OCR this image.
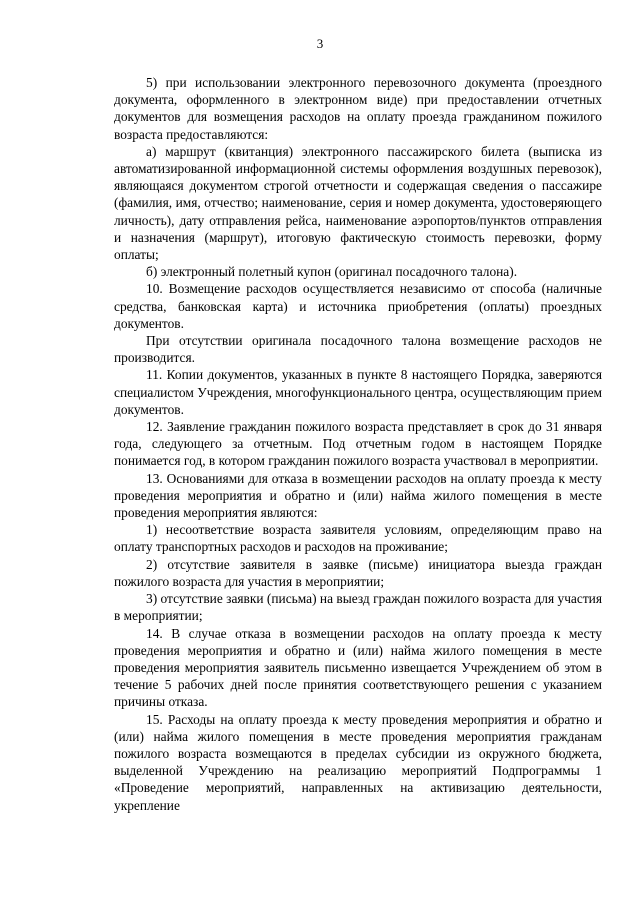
3

5) при использовании электронного перевозочного документа (проездного документа, оформленного в электронном виде) при предоставлении отчетных документов для возмещения расходов на оплату проезда гражданином пожилого возраста предоставляются:

а) маршрут (квитанция) электронного пассажирского билета (выписка из автоматизированной информационной системы оформления воздушных перевозок), являющаяся документом строгой отчетности и содержащая сведения о пассажире (фамилия, имя, отчество; наименование, серия и номер документа, удостоверяющего личность), дату отправления рейса, наименование аэропортов/пунктов отправления и назначения (маршрут), итоговую фактическую стоимость перевозки, форму оплаты;

б) электронный полетный купон (оригинал посадочного талона).

10. Возмещение расходов осуществляется независимо от способа (наличные средства, банковская карта) и источника приобретения (оплаты) проездных документов.

При отсутствии оригинала посадочного талона возмещение расходов не производится.

11. Копии документов, указанных в пункте 8 настоящего Порядка, заверяются специалистом Учреждения, многофункционального центра, осуществляющим прием документов.

12. Заявление гражданин пожилого возраста представляет в срок до 31 января года, следующего за отчетным. Под отчетным годом в настоящем Порядке понимается год, в котором гражданин пожилого возраста участвовал в мероприятии.

13. Основаниями для отказа в возмещении расходов на оплату проезда к месту проведения мероприятия и обратно и (или) найма жилого помещения в месте проведения мероприятия являются:

1) несоответствие возраста заявителя условиям, определяющим право на оплату транспортных расходов и расходов на проживание;

2) отсутствие заявителя в заявке (письме) инициатора выезда граждан пожилого возраста для участия в мероприятии;

3) отсутствие заявки (письма) на выезд граждан пожилого возраста для участия в мероприятии;

14. В случае отказа в возмещении расходов на оплату проезда к месту проведения мероприятия и обратно и (или) найма жилого помещения в месте проведения мероприятия заявитель письменно извещается Учреждением об этом в течение 5 рабочих дней после принятия соответствующего решения с указанием причины отказа.

15. Расходы на оплату проезда к месту проведения мероприятия и обратно и (или) найма жилого помещения в месте проведения мероприятия гражданам пожилого возраста возмещаются в пределах субсидии из окружного бюджета, выделенной Учреждению на реализацию мероприятий Подпрограммы 1 «Проведение мероприятий, направленных на активизацию деятельности, укрепление
